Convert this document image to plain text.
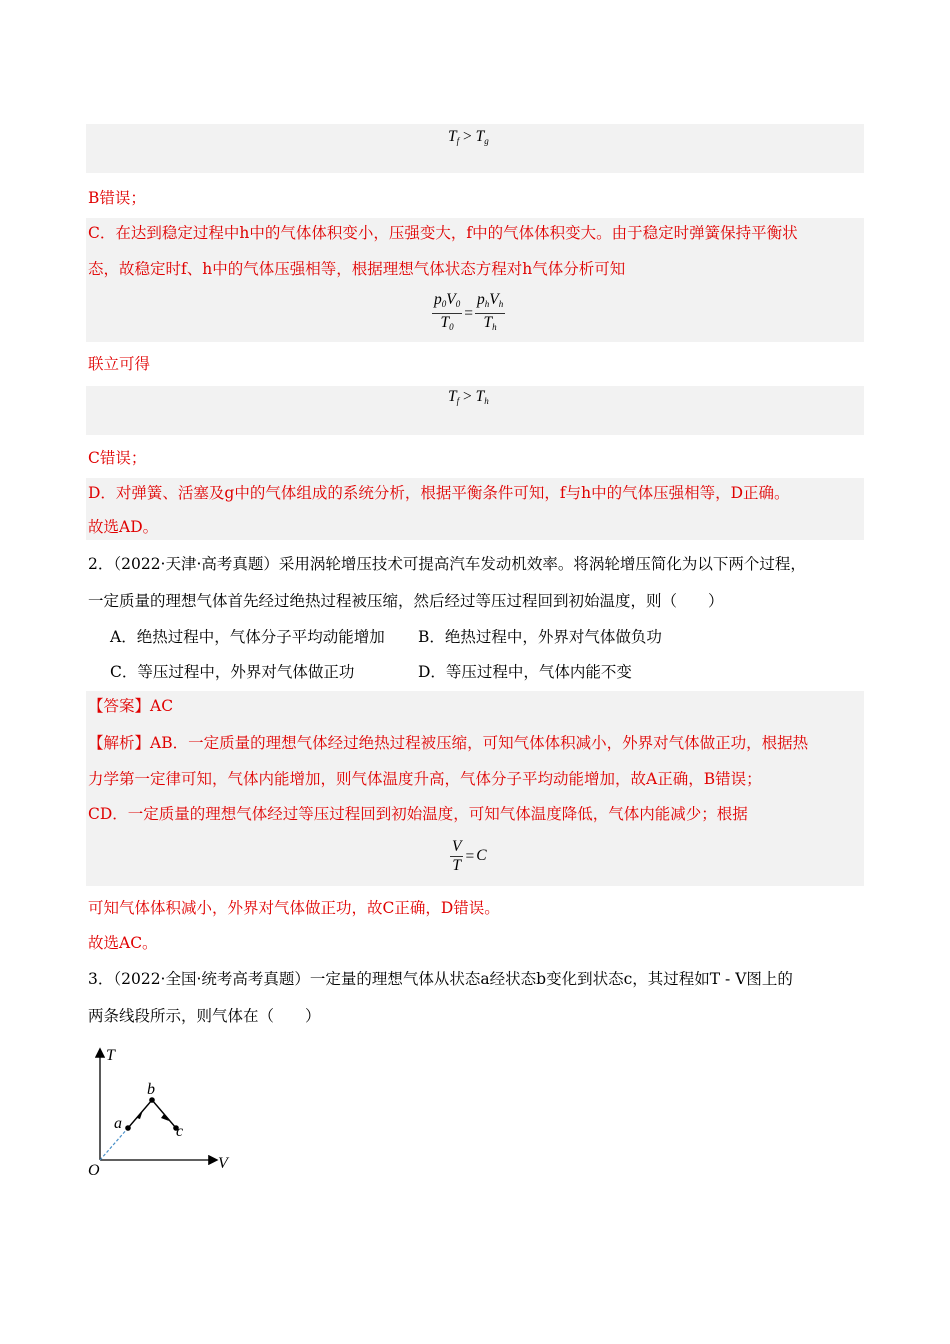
$T_f > T_g$
B错误；
C．在达到稳定过程中h中的气体体积变小，压强变大，f中的气体体积变大。由于稳定时弹簧保持平衡状
态，故稳定时f、h中的气体压强相等，根据理想气体状态方程对h气体分析可知
$\frac{p_0V_0}{T_0} = \frac{p_hV_h}{T_h}$
联立可得
$T_f > T_h$
C错误；
D．对弹簧、活塞及g中的气体组成的系统分析，根据平衡条件可知，f与h中的气体压强相等，D正确。
故选AD。
2．（2022·天津·高考真题）采用涡轮增压技术可提高汽车发动机效率。将涡轮增压简化为以下两个过程，
一定质量的理想气体首先经过绝热过程被压缩，然后经过等压过程回到初始温度，则（　　）
A．绝热过程中，气体分子平均动能增加 B．绝热过程中，外界对气体做负功
C．等压过程中，外界对气体做正功	D．等压过程中，气体内能不变
【答案】AC
【解析】AB．一定质量的理想气体经过绝热过程被压缩，可知气体体积减小，外界对气体做正功，根据热
力学第一定律可知，气体内能增加，则气体温度升高，气体分子平均动能增加，故A正确，B错误；
CD．一定质量的理想气体经过等压过程回到初始温度，可知气体温度降低，气体内能减少；根据
$\frac{V}{T} = C$
可知气体体积减小，外界对气体做正功，故C正确，D错误。
故选AC。
3．（2022·全国·统考高考真题）一定量的理想气体从状态a经状态b变化到状态c，其过程如T - V图上的
两条线段所示，则气体在（　　）
T
V
O
a
b
c
